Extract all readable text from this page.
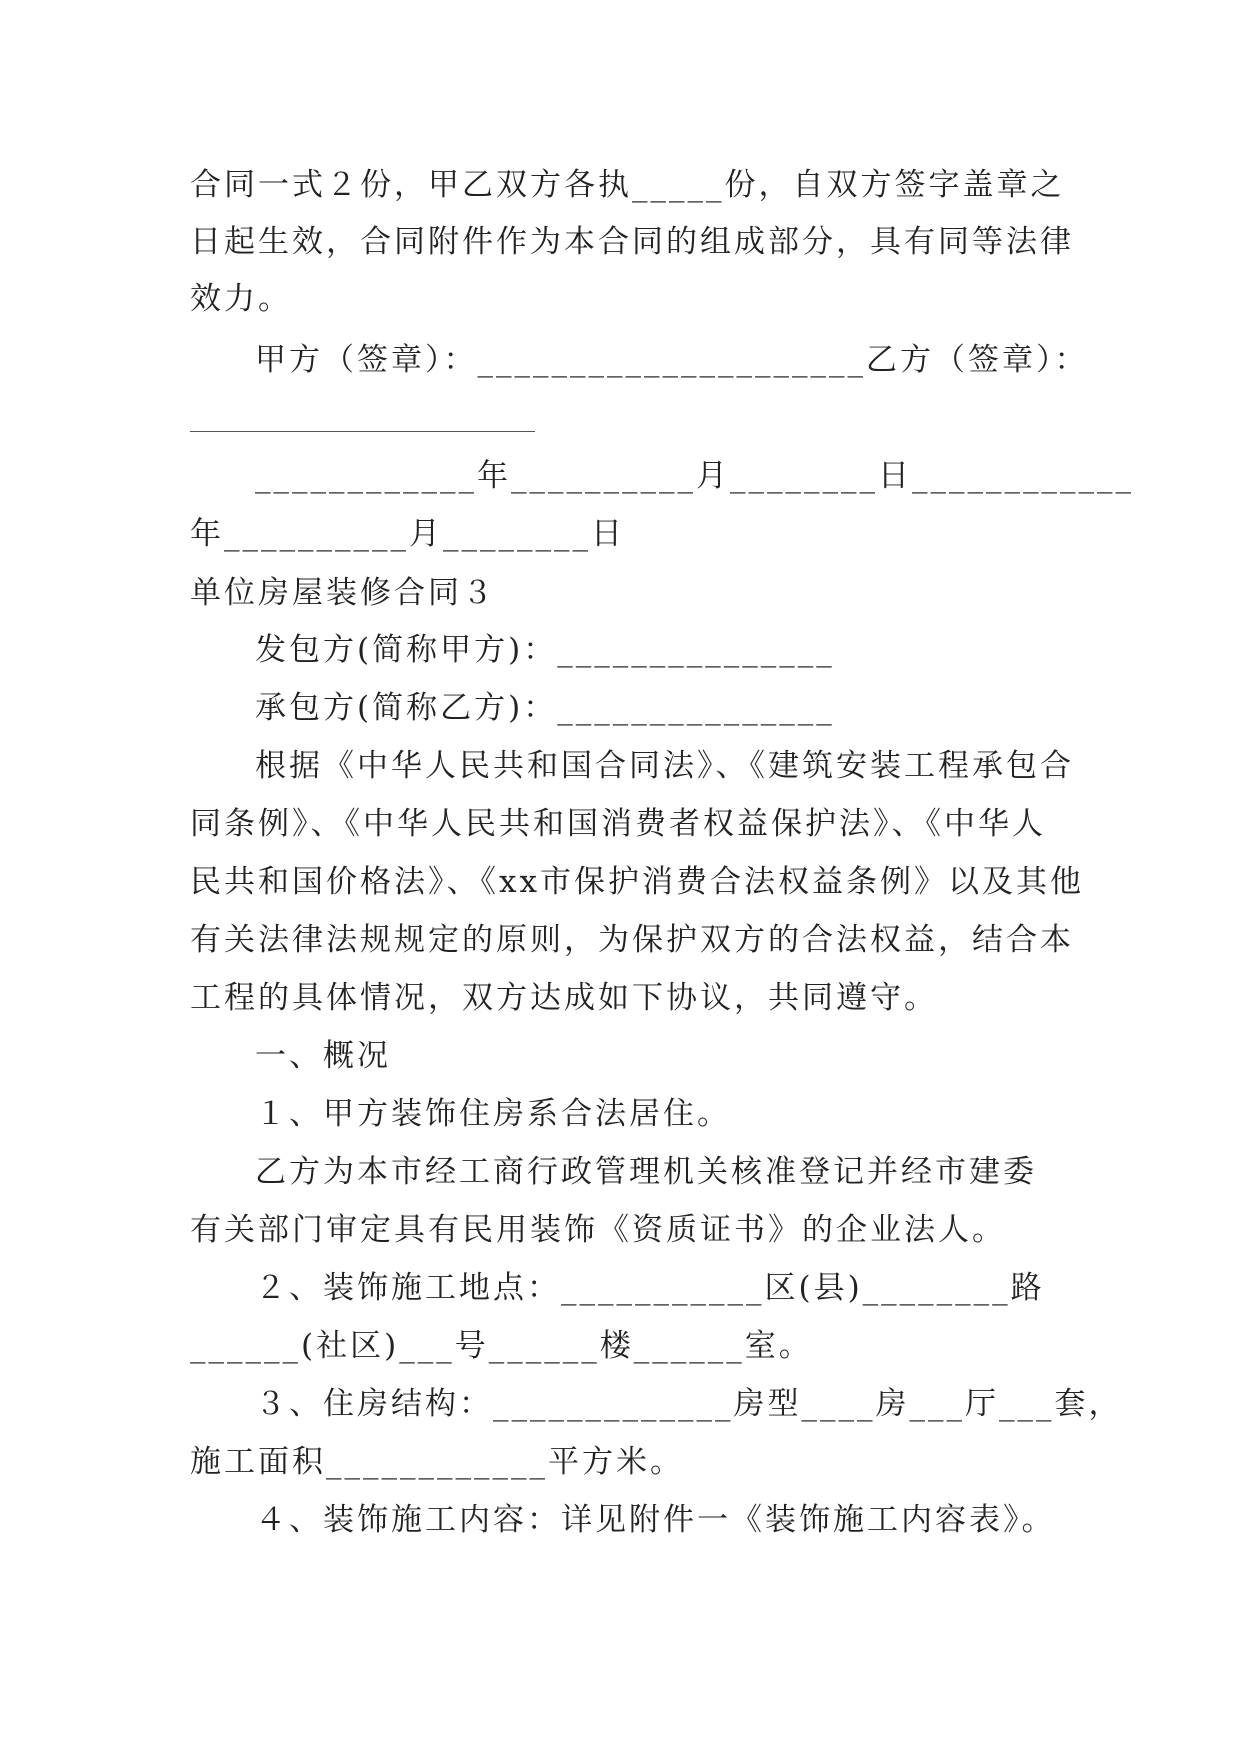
合同一式２份，甲乙双方各执_____份，自双方签字盖章之
日起生效，合同附件作为本合同的组成部分，具有同等法律
效力。
甲方（签章）：_____________________乙方（签章）：
____________年__________月________日____________
年__________月________日
单位房屋装修合同３
发包方(简称甲方)：_______________
承包方(简称乙方)：_______________
根据《中华人民共和国合同法》、《建筑安装工程承包合
同条例》、《中华人民共和国消费者权益保护法》、《中华人
民共和国价格法》、《xx市保护消费合法权益条例》以及其他
有关法律法规规定的原则，为保护双方的合法权益，结合本
工程的具体情况，双方达成如下协议，共同遵守。
一、概况
１、甲方装饰住房系合法居住。
乙方为本市经工商行政管理机关核准登记并经市建委
有关部门审定具有民用装饰《资质证书》的企业法人。
２、装饰施工地点：___________区(县)________路
______(社区)___号______楼______室。
３、住房结构：_____________房型____房___厅___套，
施工面积____________平方米。
４、装饰施工内容：详见附件一《装饰施工内容表》。
